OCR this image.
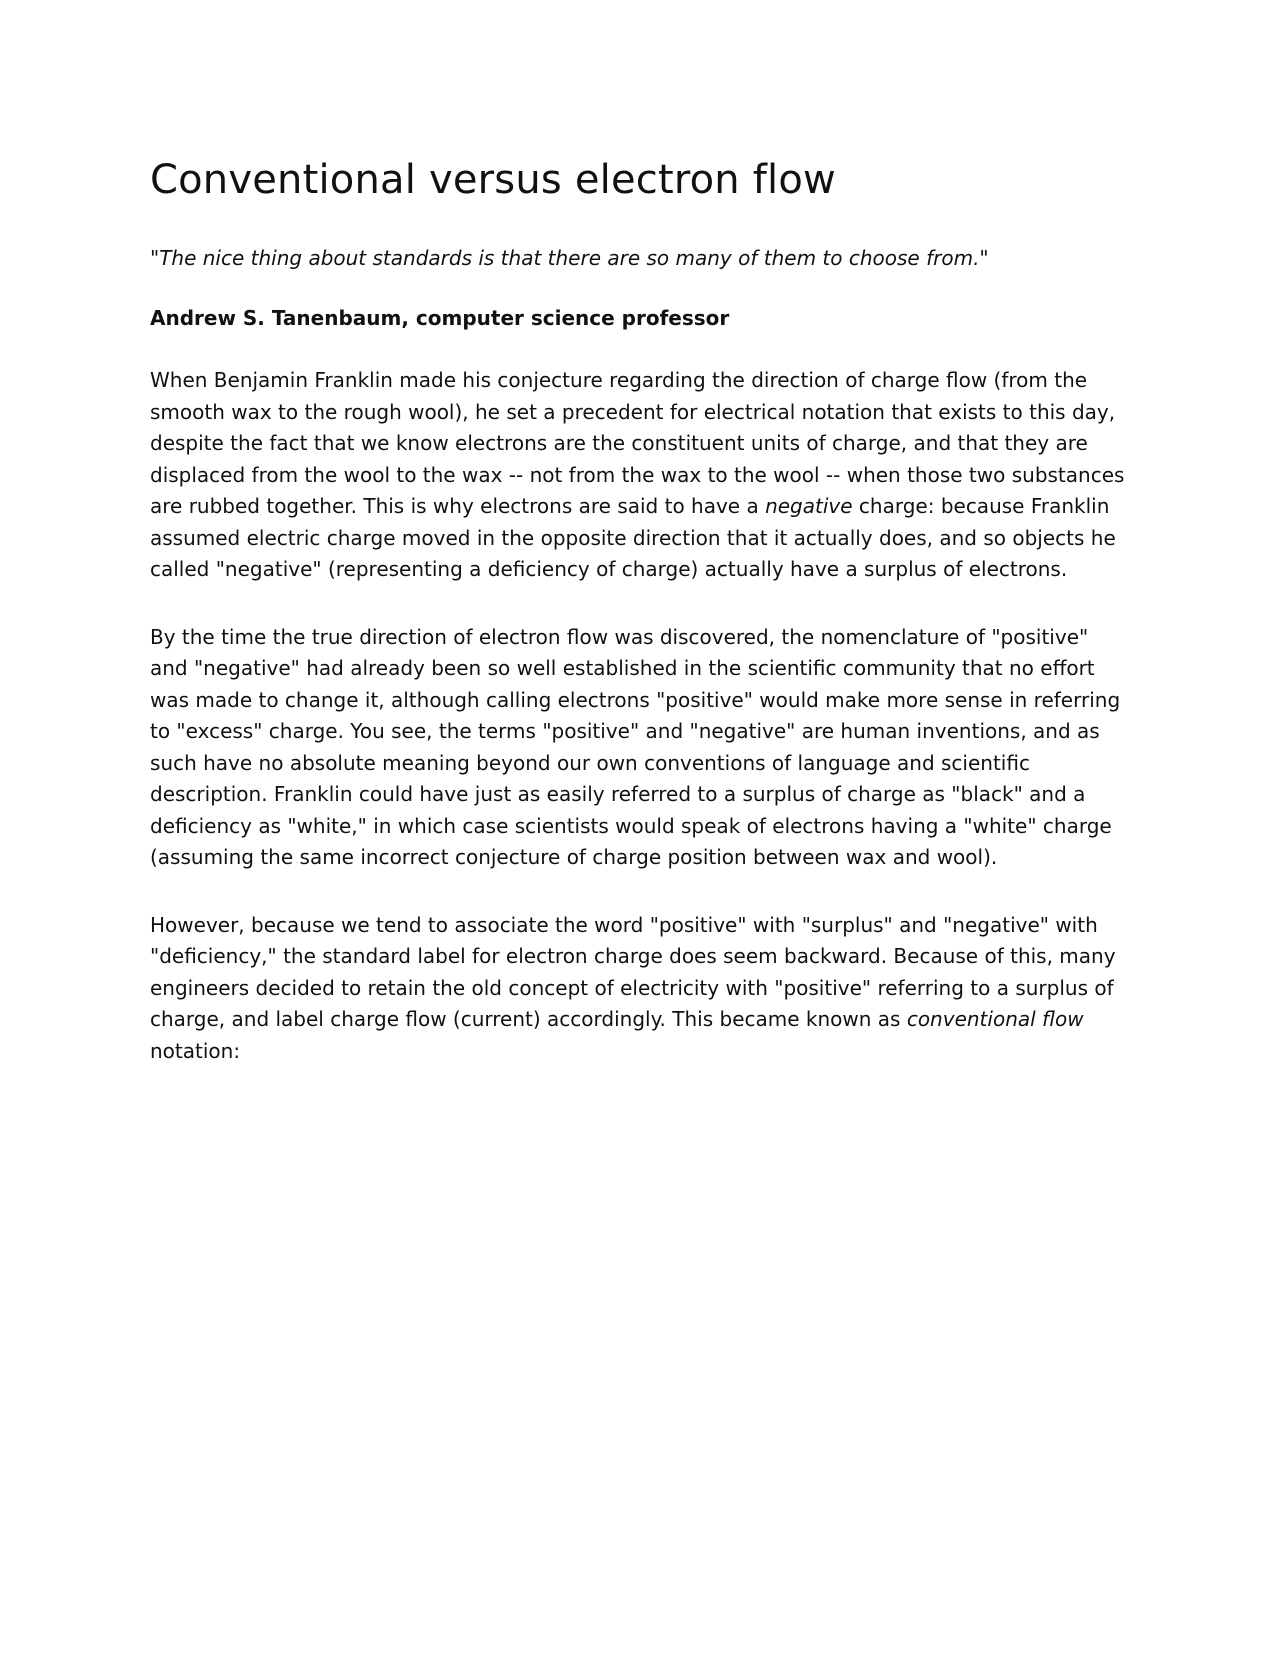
Conventional versus electron flow

"The nice thing about standards is that there are so many of them to choose from."

Andrew S. Tanenbaum, computer science professor

When Benjamin Franklin made his conjecture regarding the direction of charge flow (from the smooth wax to the rough wool), he set a precedent for electrical notation that exists to this day, despite the fact that we know electrons are the constituent units of charge, and that they are displaced from the wool to the wax -- not from the wax to the wool -- when those two substances are rubbed together. This is why electrons are said to have a negative charge: because Franklin assumed electric charge moved in the opposite direction that it actually does, and so objects he called "negative" (representing a deficiency of charge) actually have a surplus of electrons.

By the time the true direction of electron flow was discovered, the nomenclature of "positive" and "negative" had already been so well established in the scientific community that no effort was made to change it, although calling electrons "positive" would make more sense in referring to "excess" charge. You see, the terms "positive" and "negative" are human inventions, and as such have no absolute meaning beyond our own conventions of language and scientific description. Franklin could have just as easily referred to a surplus of charge as "black" and a deficiency as "white," in which case scientists would speak of electrons having a "white" charge (assuming the same incorrect conjecture of charge position between wax and wool).

However, because we tend to associate the word "positive" with "surplus" and "negative" with "deficiency," the standard label for electron charge does seem backward. Because of this, many engineers decided to retain the old concept of electricity with "positive" referring to a surplus of charge, and label charge flow (current) accordingly. This became known as conventional flow notation:
